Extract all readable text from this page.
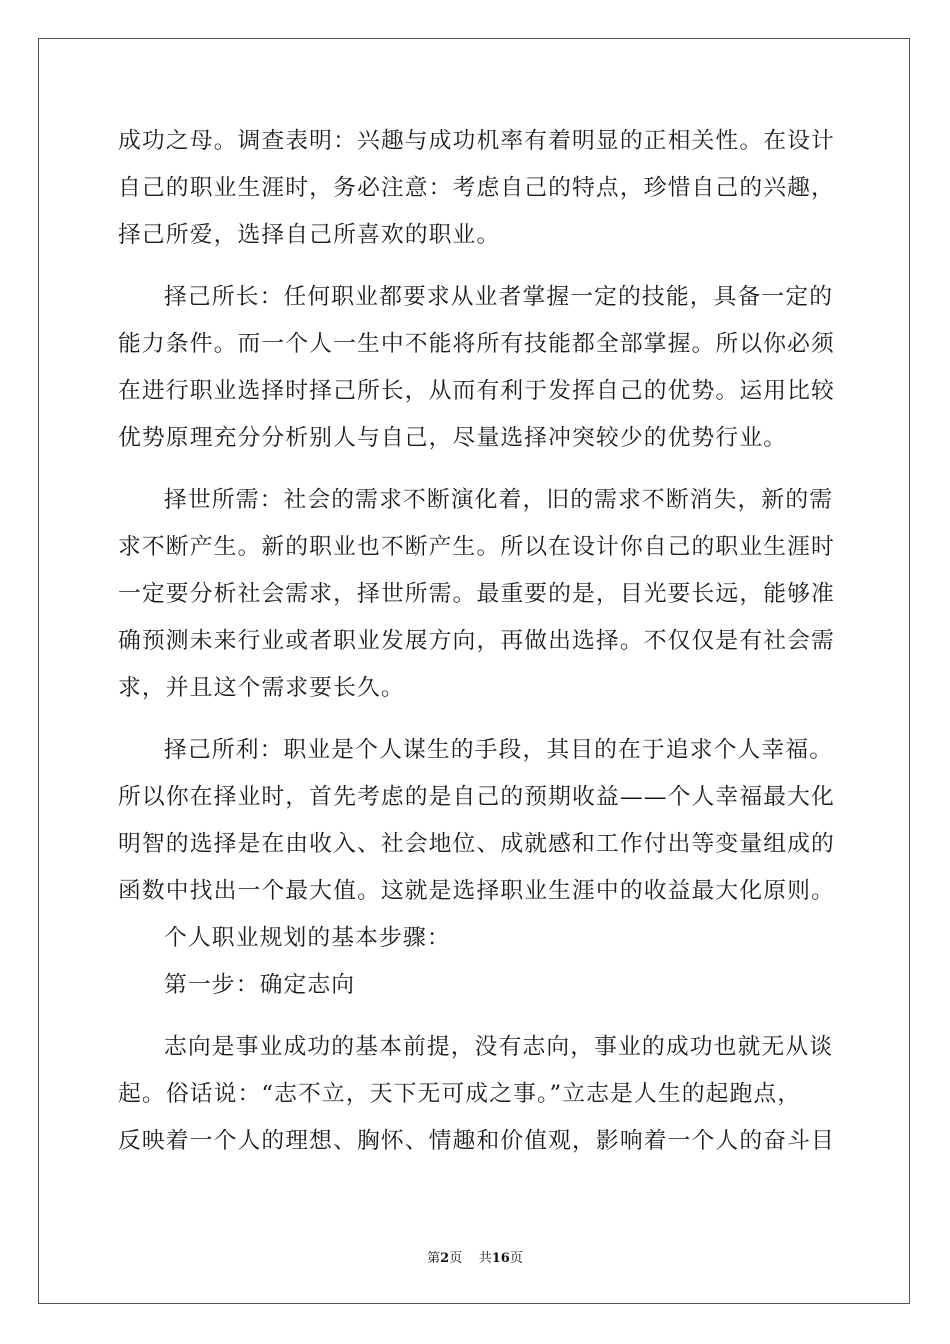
成功之母。调查表明：兴趣与成功机率有着明显的正相关性。在设计
自己的职业生涯时，务必注意：考虑自己的特点，珍惜自己的兴趣，
择己所爱，选择自己所喜欢的职业。
择己所长：任何职业都要求从业者掌握一定的技能，具备一定的
能力条件。而一个人一生中不能将所有技能都全部掌握。所以你必须
在进行职业选择时择己所长，从而有利于发挥自己的优势。运用比较
优势原理充分分析别人与自己，尽量选择冲突较少的优势行业。
择世所需：社会的需求不断演化着，旧的需求不断消失，新的需
求不断产生。新的职业也不断产生。所以在设计你自己的职业生涯时
一定要分析社会需求，择世所需。最重要的是，目光要长远，能够准
确预测未来行业或者职业发展方向，再做出选择。不仅仅是有社会需
求，并且这个需求要长久。
择己所利：职业是个人谋生的手段，其目的在于追求个人幸福。
所以你在择业时，首先考虑的是自己的预期收益——个人幸福最大化
明智的选择是在由收入、社会地位、成就感和工作付出等变量组成的
函数中找出一个最大值。这就是选择职业生涯中的收益最大化原则。
个人职业规划的基本步骤：
第一步：确定志向
志向是事业成功的基本前提，没有志向，事业的成功也就无从谈
起。俗话说：“志不立，天下无可成之事。”立志是人生的起跑点，
反映着一个人的理想、胸怀、情趣和价值观，影响着一个人的奋斗目
第2页 共16页
